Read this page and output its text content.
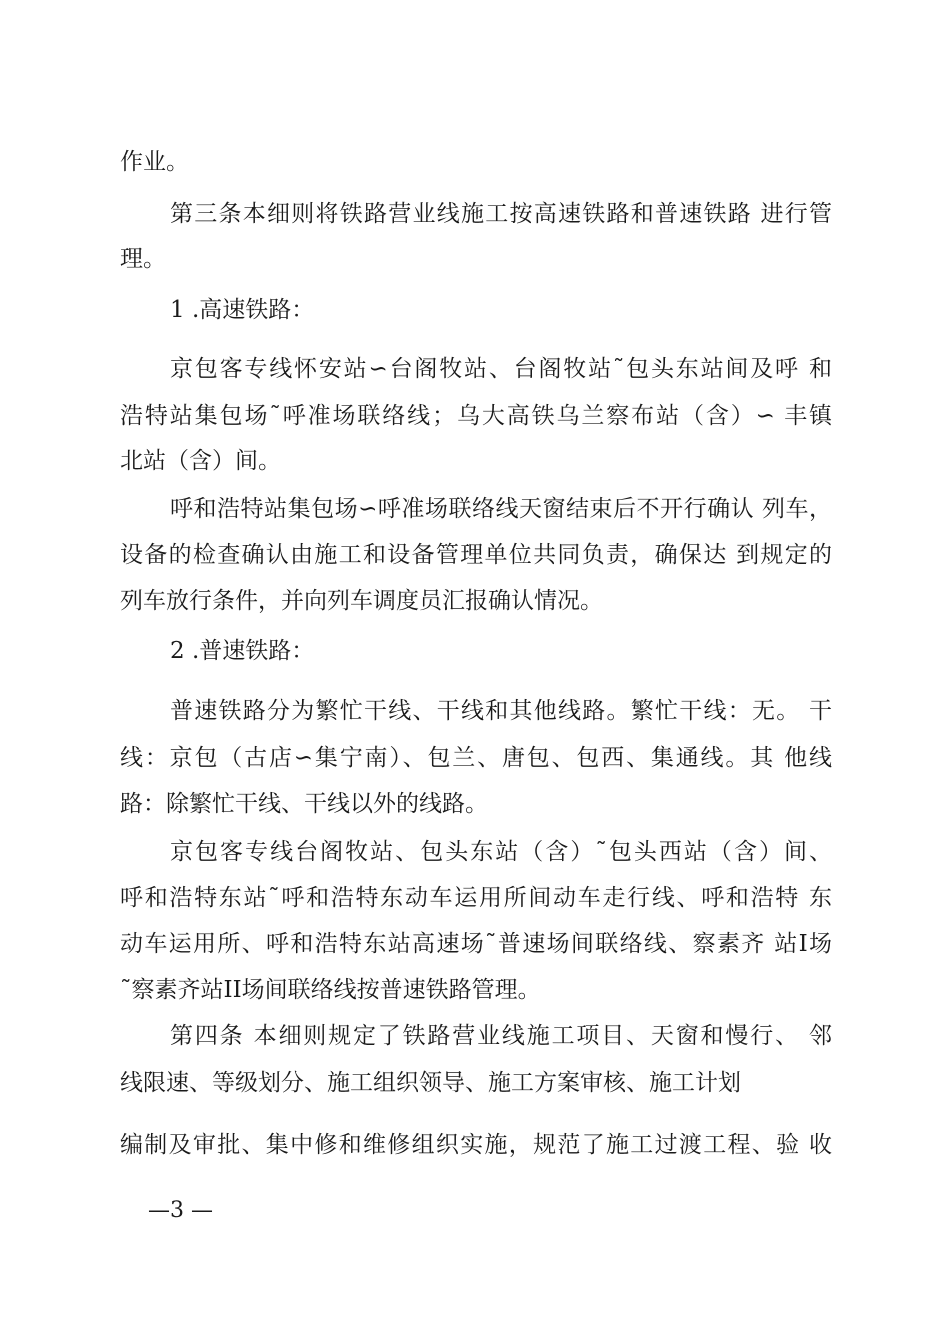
作业。
第三条本细则将铁路营业线施工按高速铁路和普速铁路 进行管
理。
1 .高速铁路：
京包客专线怀安站∽台阁牧站、台阁牧站˜包头东站间及呼 和
浩特站集包场˜呼准场联络线；乌大高铁乌兰察布站（含）∽ 丰镇
北站（含）间。
呼和浩特站集包场∽呼准场联络线天窗结束后不开行确认 列车，
设备的检查确认由施工和设备管理单位共同负责，确保达 到规定的
列车放行条件，并向列车调度员汇报确认情况。
2 .普速铁路：
普速铁路分为繁忙干线、干线和其他线路。繁忙干线：无。 干
线：京包（古店∽集宁南）、包兰、唐包、包西、集通线。其 他线
路：除繁忙干线、干线以外的线路。
京包客专线台阁牧站、包头东站（含）˜包头西站（含）间、
呼和浩特东站˜呼和浩特东动车运用所间动车走行线、呼和浩特 东
动车运用所、呼和浩特东站高速场˜普速场间联络线、察素齐 站I场
˜察素齐站II场间联络线按普速铁路管理。
第四条 本细则规定了铁路营业线施工项目、天窗和慢行、 邻
线限速、等级划分、施工组织领导、施工方案审核、施工计划
编制及审批、集中修和维修组织实施，规范了施工过渡工程、验 收
—3 —
